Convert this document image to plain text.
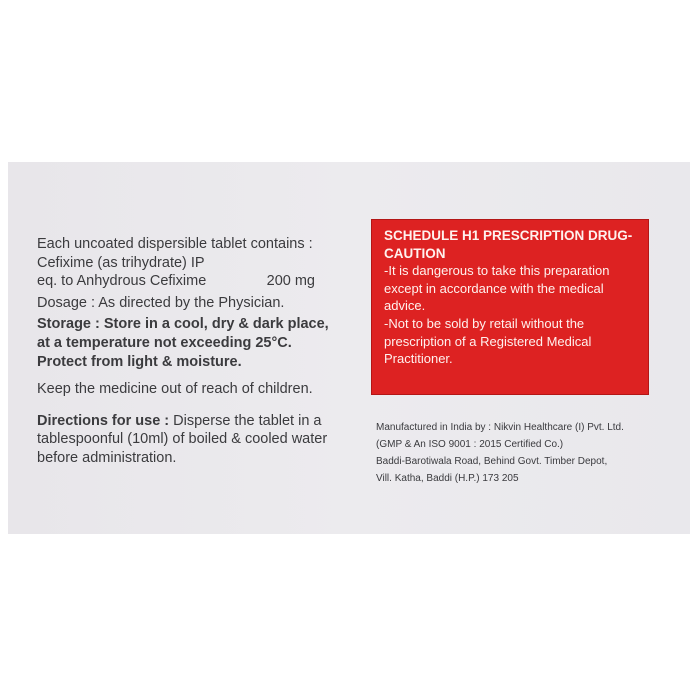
Each uncoated dispersible tablet contains :
Cefixime (as trihydrate) IP
eq. to Anhydrous Cefixime	200 mg
Dosage : As directed by the Physician.
Storage : Store in a cool, dry & dark place,
at a temperature not exceeding 25°C.
Protect from light & moisture.
Keep the medicine out of reach of children.
Directions for use : Disperse the tablet in a
tablespoonful (10ml) of boiled & cooled water
before administration.
SCHEDULE H1 PRESCRIPTION DRUG-
CAUTION
-It is dangerous to take this preparation
except in accordance with the medical
advice.
-Not to be sold by retail without the
prescription of a Registered Medical
Practitioner.
Manufactured in India by : Nikvin Healthcare (I) Pvt. Ltd.
(GMP & An ISO 9001 : 2015 Certified Co.)
Baddi-Barotiwala Road, Behind Govt. Timber Depot,
Vill. Katha, Baddi (H.P.) 173 205
